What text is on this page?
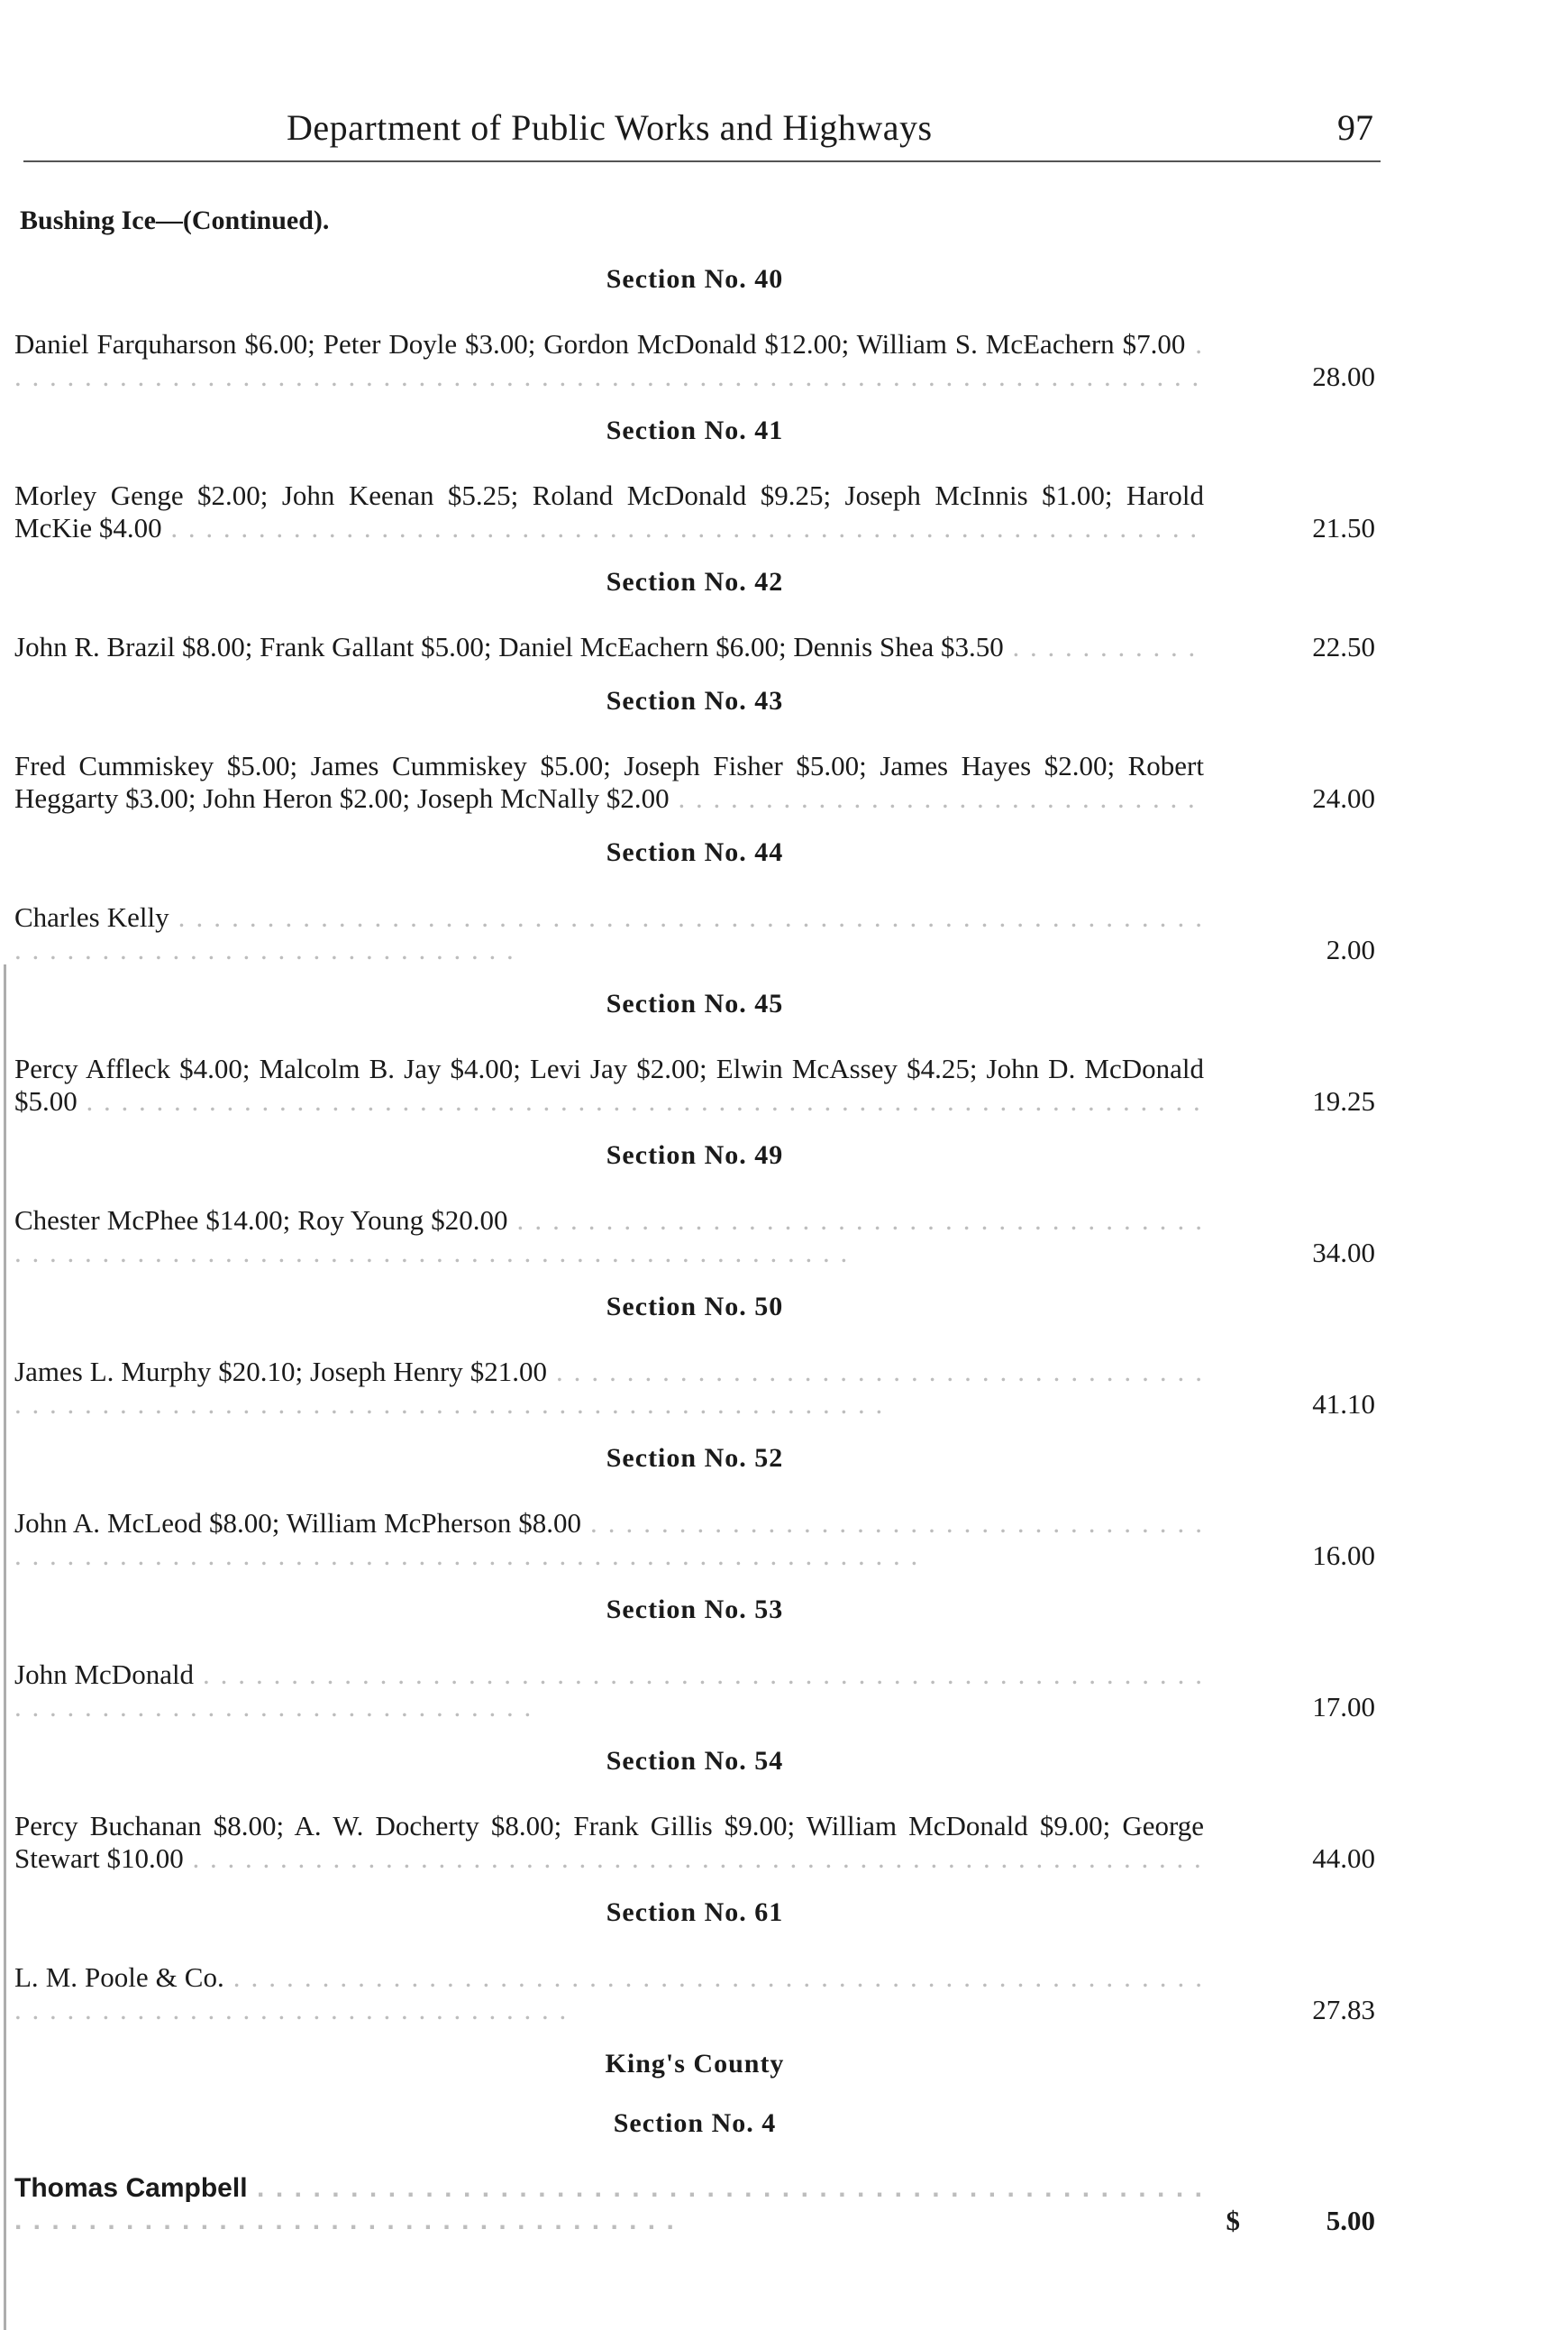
Department of Public Works and Highways	97
Bushing Ice—(Continued).
Section No. 40
Daniel Farquharson $6.00; Peter Doyle $3.00; Gordon McDonald $12.00; William S. McEachern $7.00 . . . . . . . . . . . . . . . . . . . . . . . . . . . . . . . . . . . . . . . . . . . . . . . . . . . . . . . . . . . . . . . . . . . . .	28.00
Section No. 41
Morley Genge $2.00; John Keenan $5.25; Roland McDonald $9.25; Joseph McInnis $1.00; Harold McKie $4.00 . . . . . . . . . . . . . . . . . . . . . . . . . . . . . . . . . . . . . . . . . . . . . . . . . . . . . . . . . . .	21.50
Section No. 42
John R. Brazil $8.00; Frank Gallant $5.00; Daniel McEachern $6.00; Dennis Shea $3.50 . . . . . . . . . . .	22.50
Section No. 43
Fred Cummiskey $5.00; James Cummiskey $5.00; Joseph Fisher $5.00; James Hayes $2.00; Robert Heggarty $3.00; John Heron $2.00; Joseph McNally $2.00 . . . . . . . . . . . . . . . . . . . . . . . . . . . . . .	24.00
Section No. 44
Charles Kelly . . . . . . . . . . . . . . . . . . . . . . . . . . . . . . . . . . . . . . . . . . . . . . . . . . . . . . . . . . . . . . . . . . . . . . . . . . . . . . . . . . . . . . .	2.00
Section No. 45
Percy Affleck $4.00; Malcolm B. Jay $4.00; Levi Jay $2.00; Elwin McAssey $4.25; John D. McDonald $5.00 . . . . . . . . . . . . . . . . . . . . . . . . . . . . . . . . . . . . . . . . . . . . . . . . . . . . . . . . . . . . . . . .	19.25
Section No. 49
Chester McPhee $14.00; Roy Young $20.00 . . . . . . . . . . . . . . . . . . . . . . . . . . . . . . . . . . . . . . . . . . . . . . . . . . . . . . . . . . . . . . . . . . . . . . . . . . . . . . . . . . . . . . .	34.00
Section No. 50
James L. Murphy $20.10; Joseph Henry $21.00 . . . . . . . . . . . . . . . . . . . . . . . . . . . . . . . . . . . . . . . . . . . . . . . . . . . . . . . . . . . . . . . . . . . . . . . . . . . . . . . . . . . . . . .	41.10
Section No. 52
John A. McLeod $8.00; William McPherson $8.00 . . . . . . . . . . . . . . . . . . . . . . . . . . . . . . . . . . . . . . . . . . . . . . . . . . . . . . . . . . . . . . . . . . . . . . . . . . . . . . . . . . . . . . .	16.00
Section No. 53
John McDonald . . . . . . . . . . . . . . . . . . . . . . . . . . . . . . . . . . . . . . . . . . . . . . . . . . . . . . . . . . . . . . . . . . . . . . . . . . . . . . . . . . . . . . .	17.00
Section No. 54
Percy Buchanan $8.00; A. W. Docherty $8.00; Frank Gillis $9.00; William McDonald $9.00; George Stewart $10.00 . . . . . . . . . . . . . . . . . . . . . . . . . . . . . . . . . . . . . . . . . . . . . . . . . . . . . . . . . .	44.00
Section No. 61
L. M. Poole & Co. . . . . . . . . . . . . . . . . . . . . . . . . . . . . . . . . . . . . . . . . . . . . . . . . . . . . . . . . . . . . . . . . . . . . . . . . . . . . . . . . . . . . . . .	27.83
King's County
Section No. 4
Thomas Campbell . . . . . . . . . . . . . . . . . . . . . . . . . . . . . . . . . . . . . . . . . . . . . . . . . . . . . . . . . . . . . . . . . . . . . . . . . . . . . . . . . . . . . . .	$	5.00
